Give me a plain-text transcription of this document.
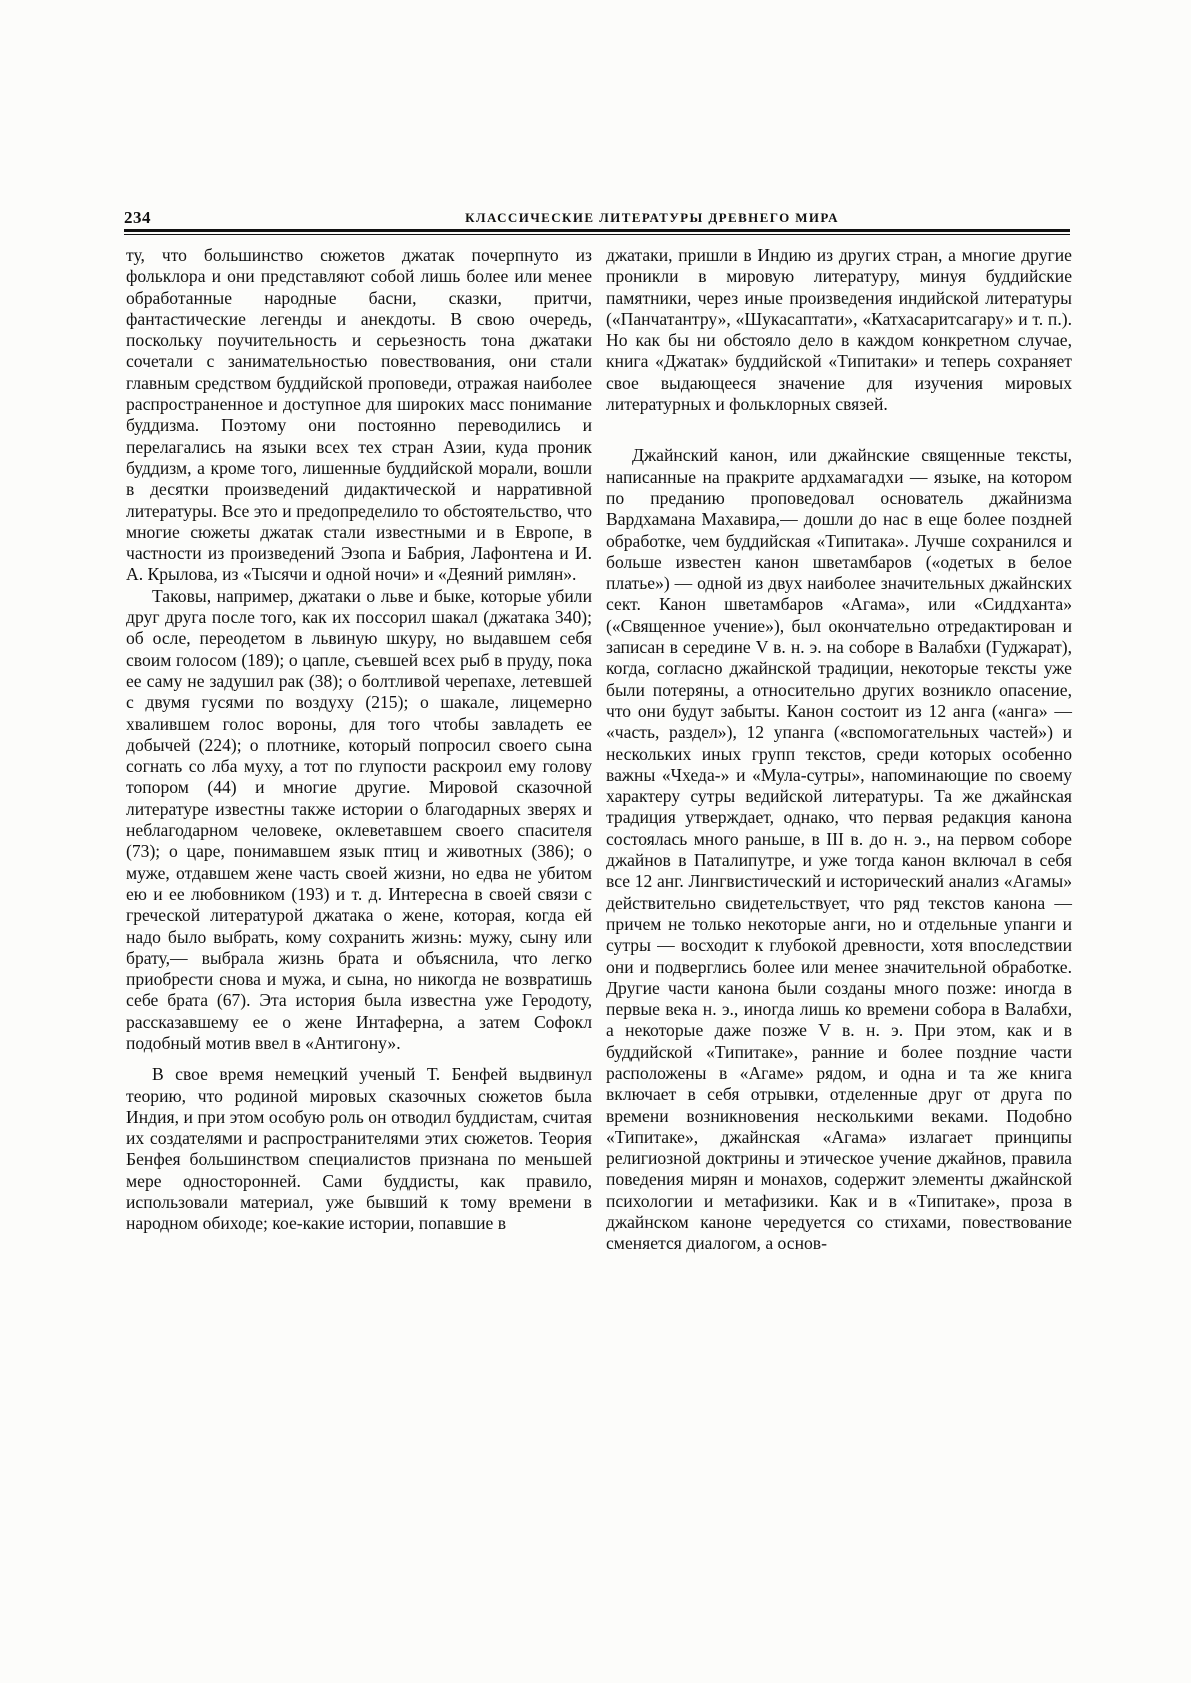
234	КЛАССИЧЕСКИЕ ЛИТЕРАТУРЫ ДРЕВНЕГО МИРА

ту, что большинство сюжетов джатак почерпнуто из фольклора и они представляют собой лишь более или менее обработанные народные басни, сказки, притчи, фантастические легенды и анекдоты. В свою очередь, поскольку поучительность и серьезность тона джатаки сочетали с занимательностью повествования, они стали главным средством буддийской проповеди, отражая наиболее распространенное и доступное для широких масс понимание буддизма. Поэтому они постоянно переводились и перелагались на языки всех тех стран Азии, куда проник буддизм, а кроме того, лишенные буддийской морали, вошли в десятки произведений дидактической и нарративной литературы. Все это и предопределило то обстоятельство, что многие сюжеты джатак стали известными и в Европе, в частности из произведений Эзопа и Бабрия, Лафонтена и И. А. Крылова, из «Тысячи и одной ночи» и «Деяний римлян».

Таковы, например, джатаки о льве и быке, которые убили друг друга после того, как их поссорил шакал (джатака 340); об осле, переодетом в львиную шкуру, но выдавшем себя своим голосом (189); о цапле, съевшей всех рыб в пруду, пока ее саму не задушил рак (38); о болтливой черепахе, летевшей с двумя гусями по воздуху (215); о шакале, лицемерно хвалившем голос вороны, для того чтобы завладеть ее добычей (224); о плотнике, который попросил своего сына согнать со лба муху, а тот по глупости раскроил ему голову топором (44) и многие другие. Мировой сказочной литературе известны также истории о благодарных зверях и неблагодарном человеке, оклеветавшем своего спасителя (73); о царе, понимавшем язык птиц и животных (386); о муже, отдавшем жене часть своей жизни, но едва не убитом ею и ее любовником (193) и т. д. Интересна в своей связи с греческой литературой джатака о жене, которая, когда ей надо было выбрать, кому сохранить жизнь: мужу, сыну или брату,— выбрала жизнь брата и объяснила, что легко приобрести снова и мужа, и сына, но никогда не возвратишь себе брата (67). Эта история была известна уже Геродоту, рассказавшему ее о жене Интаферна, а затем Софокл подобный мотив ввел в «Антигону».

В свое время немецкий ученый Т. Бенфей выдвинул теорию, что родиной мировых сказочных сюжетов была Индия, и при этом особую роль он отводил буддистам, считая их создателями и распространителями этих сюжетов. Теория Бенфея большинством специалистов признана по меньшей мере односторонней. Сами буддисты, как правило, использовали материал, уже бывший к тому времени в народном обиходе; кое-какие истории, попавшие в

джатаки, пришли в Индию из других стран, а многие другие проникли в мировую литературу, минуя буддийские памятники, через иные произведения индийской литературы («Панчатантру», «Шукасаптати», «Катхасаритсагару» и т. п.). Но как бы ни обстояло дело в каждом конкретном случае, книга «Джатак» буддийской «Типитаки» и теперь сохраняет свое выдающееся значение для изучения мировых литературных и фольклорных связей.

Джайнский канон, или джайнские священные тексты, написанные на пракрите ардхамагадхи — языке, на котором по преданию проповедовал основатель джайнизма Вардхамана Махавира,— дошли до нас в еще более поздней обработке, чем буддийская «Типитака». Лучше сохранился и больше известен канон шветамбаров («одетых в белое платье») — одной из двух наиболее значительных джайнских сект. Канон шветамбаров «Агама», или «Сиддханта» («Священное учение»), был окончательно отредактирован и записан в середине V в. н. э. на соборе в Валабхи (Гуджарат), когда, согласно джайнской традиции, некоторые тексты уже были потеряны, а относительно других возникло опасение, что они будут забыты. Канон состоит из 12 анга («анга» — «часть, раздел»), 12 упанга («вспомогательных частей») и нескольких иных групп текстов, среди которых особенно важны «Чхеда-» и «Мула-сутры», напоминающие по своему характеру сутры ведийской литературы. Та же джайнская традиция утверждает, однако, что первая редакция канона состоялась много раньше, в III в. до н. э., на первом соборе джайнов в Паталипутре, и уже тогда канон включал в себя все 12 анг. Лингвистический и исторический анализ «Агамы» действительно свидетельствует, что ряд текстов канона — причем не только некоторые анги, но и отдельные упанги и сутры — восходит к глубокой древности, хотя впоследствии они и подверглись более или менее значительной обработке. Другие части канона были созданы много позже: иногда в первые века н. э., иногда лишь ко времени собора в Валабхи, а некоторые даже позже V в. н. э. При этом, как и в буддийской «Типитаке», ранние и более поздние части расположены в «Агаме» рядом, и одна и та же книга включает в себя отрывки, отделенные друг от друга по времени возникновения несколькими веками. Подобно «Типитаке», джайнская «Агама» излагает принципы религиозной доктрины и этическое учение джайнов, правила поведения мирян и монахов, содержит элементы джайнской психологии и метафизики. Как и в «Типитаке», проза в джайнском каноне чередуется со стихами, повествование сменяется диалогом, а основ-
